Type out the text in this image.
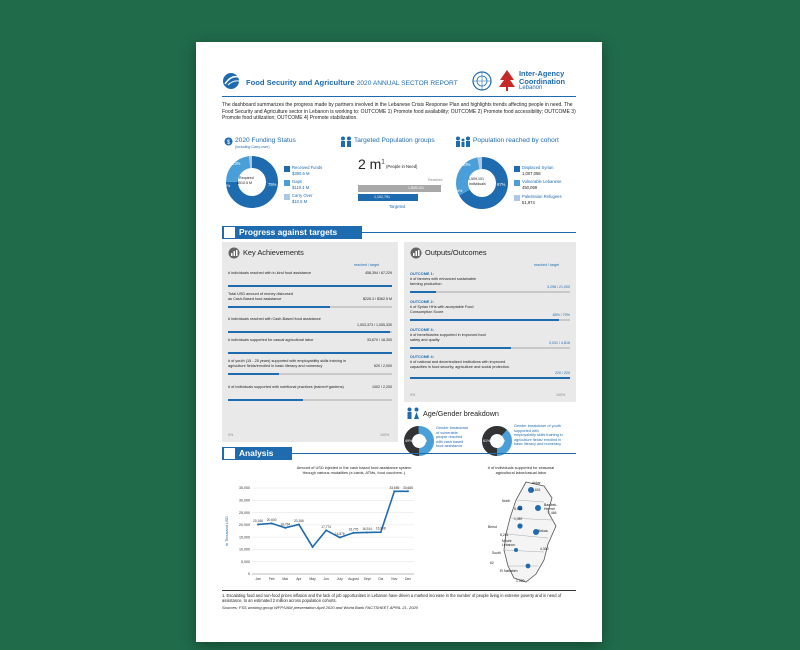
Food Security and Agriculture 2020 ANNUAL SECTOR REPORT
Inter-Agency
Coordination
Lebanon
The dashboard summarizes the progress made by partners involved in the Lebanese Crisis Response Plan and highlights trends affecting people in need. The Food Security and Agriculture sector in Lebanon is working to: OUTCOME 1) Promote food availability; OUTCOME 2) Promote food accessibility; OUTCOME 3) Promote food utilization; OUTCOME 4) Promote stabilization.
$ 2020 Funding Status
(including Carry-over)
Required
$510.5 M	75%
23%
2%
Received Funds
$380.6 M
Gaps
$119.4 M
Carry Over
$10.5 M
Targeted Population groups
2 $m^1$
(People in Need)
Reached
1,509,101
1,102,791
Targeted
Population reached by cohort
1,509,101
individuals	67%
30%
4%
Displaced Syrian
1,007,058
Vulnerable Lebanese
450,069
Palestinian Refugees
51,974
Progress against targets
Key Achievements
reached / target
# individuals reached with in-kind food assistance	458,394 / 67,229
Total USD amount of money disbursed
as Cash-Based food assistance	$226.3 / $362.5 M
# individuals reached with Cash-Based food assistance
1,003,373 / 1,005,330
# individuals supported for casual agricultural labor	33,670 / 18,300
# of youth (15 - 25 years) supported with employability skills training in
agriculture fields/enrolled in basic literacy and numeracy	620 / 2,000
# of individuals supported with nutritional practices (trained+gardens)	1002 / 2,200
0%	100%
Outputs/Outcomes
reached / target
OUTCOME 1:
# of farmers with enhanced sustainable
farming production
3,298 / 21,000
OUTCOME 2:
# of Syrian HHs with acceptable Food
Consumption Score
65% / 70%
OUTCOME 3:
# of beneficiaries supported in improved food
safety and quality
3,031 / 4,816
OUTCOME 4:
# of national and decentralized institutions with improved
capacities in food security, agriculture and social protection.
220 / 220
0%	100%
Age/Gender breakdown
49% 51%
Gender breakdown
of vulnerable
people reached
with cash based
food assistance
61% 39%
Gender breakdown of youth
supported with
employability skills training in
agriculture fields/ enrolled in
basic literacy and numeracy
Analysis
Amount of USD injected in the cash based food assistance system
through various modalities (e-cards, ATMs, food vouchers..)
0
5,000
10,000
15,000
20,000
25,000
30,000
35,000
in Thousand USD
Jan Feb Mar Apr May Jun July August Sept Oct Nov Dec
20,166 20,600
18,794
20,166
17,774
14,876
16,776 16,914 16,998
33,655 33,665
# of individuals supported for seasonal
agricultural labor/casual labor
Akkar
Baalbek-
Hermel
North
Beirut
Mount
Lebanon
Bekaa
South
El Nabatieh
1,601
7,466
5,081
8,261
1,387
4,300
62
1,020
1. Escalating food and non-food prices inflation and the lack of job opportunities in Lebanon have driven a marked increase in the number of people living in extreme poverty and in need of assistance, to an estimated 2 million across population cohorts.
Sources: FSS working group WFP/VAM presentation April 2020 and World Bank FACTSHEET APRIL 21, 2020
